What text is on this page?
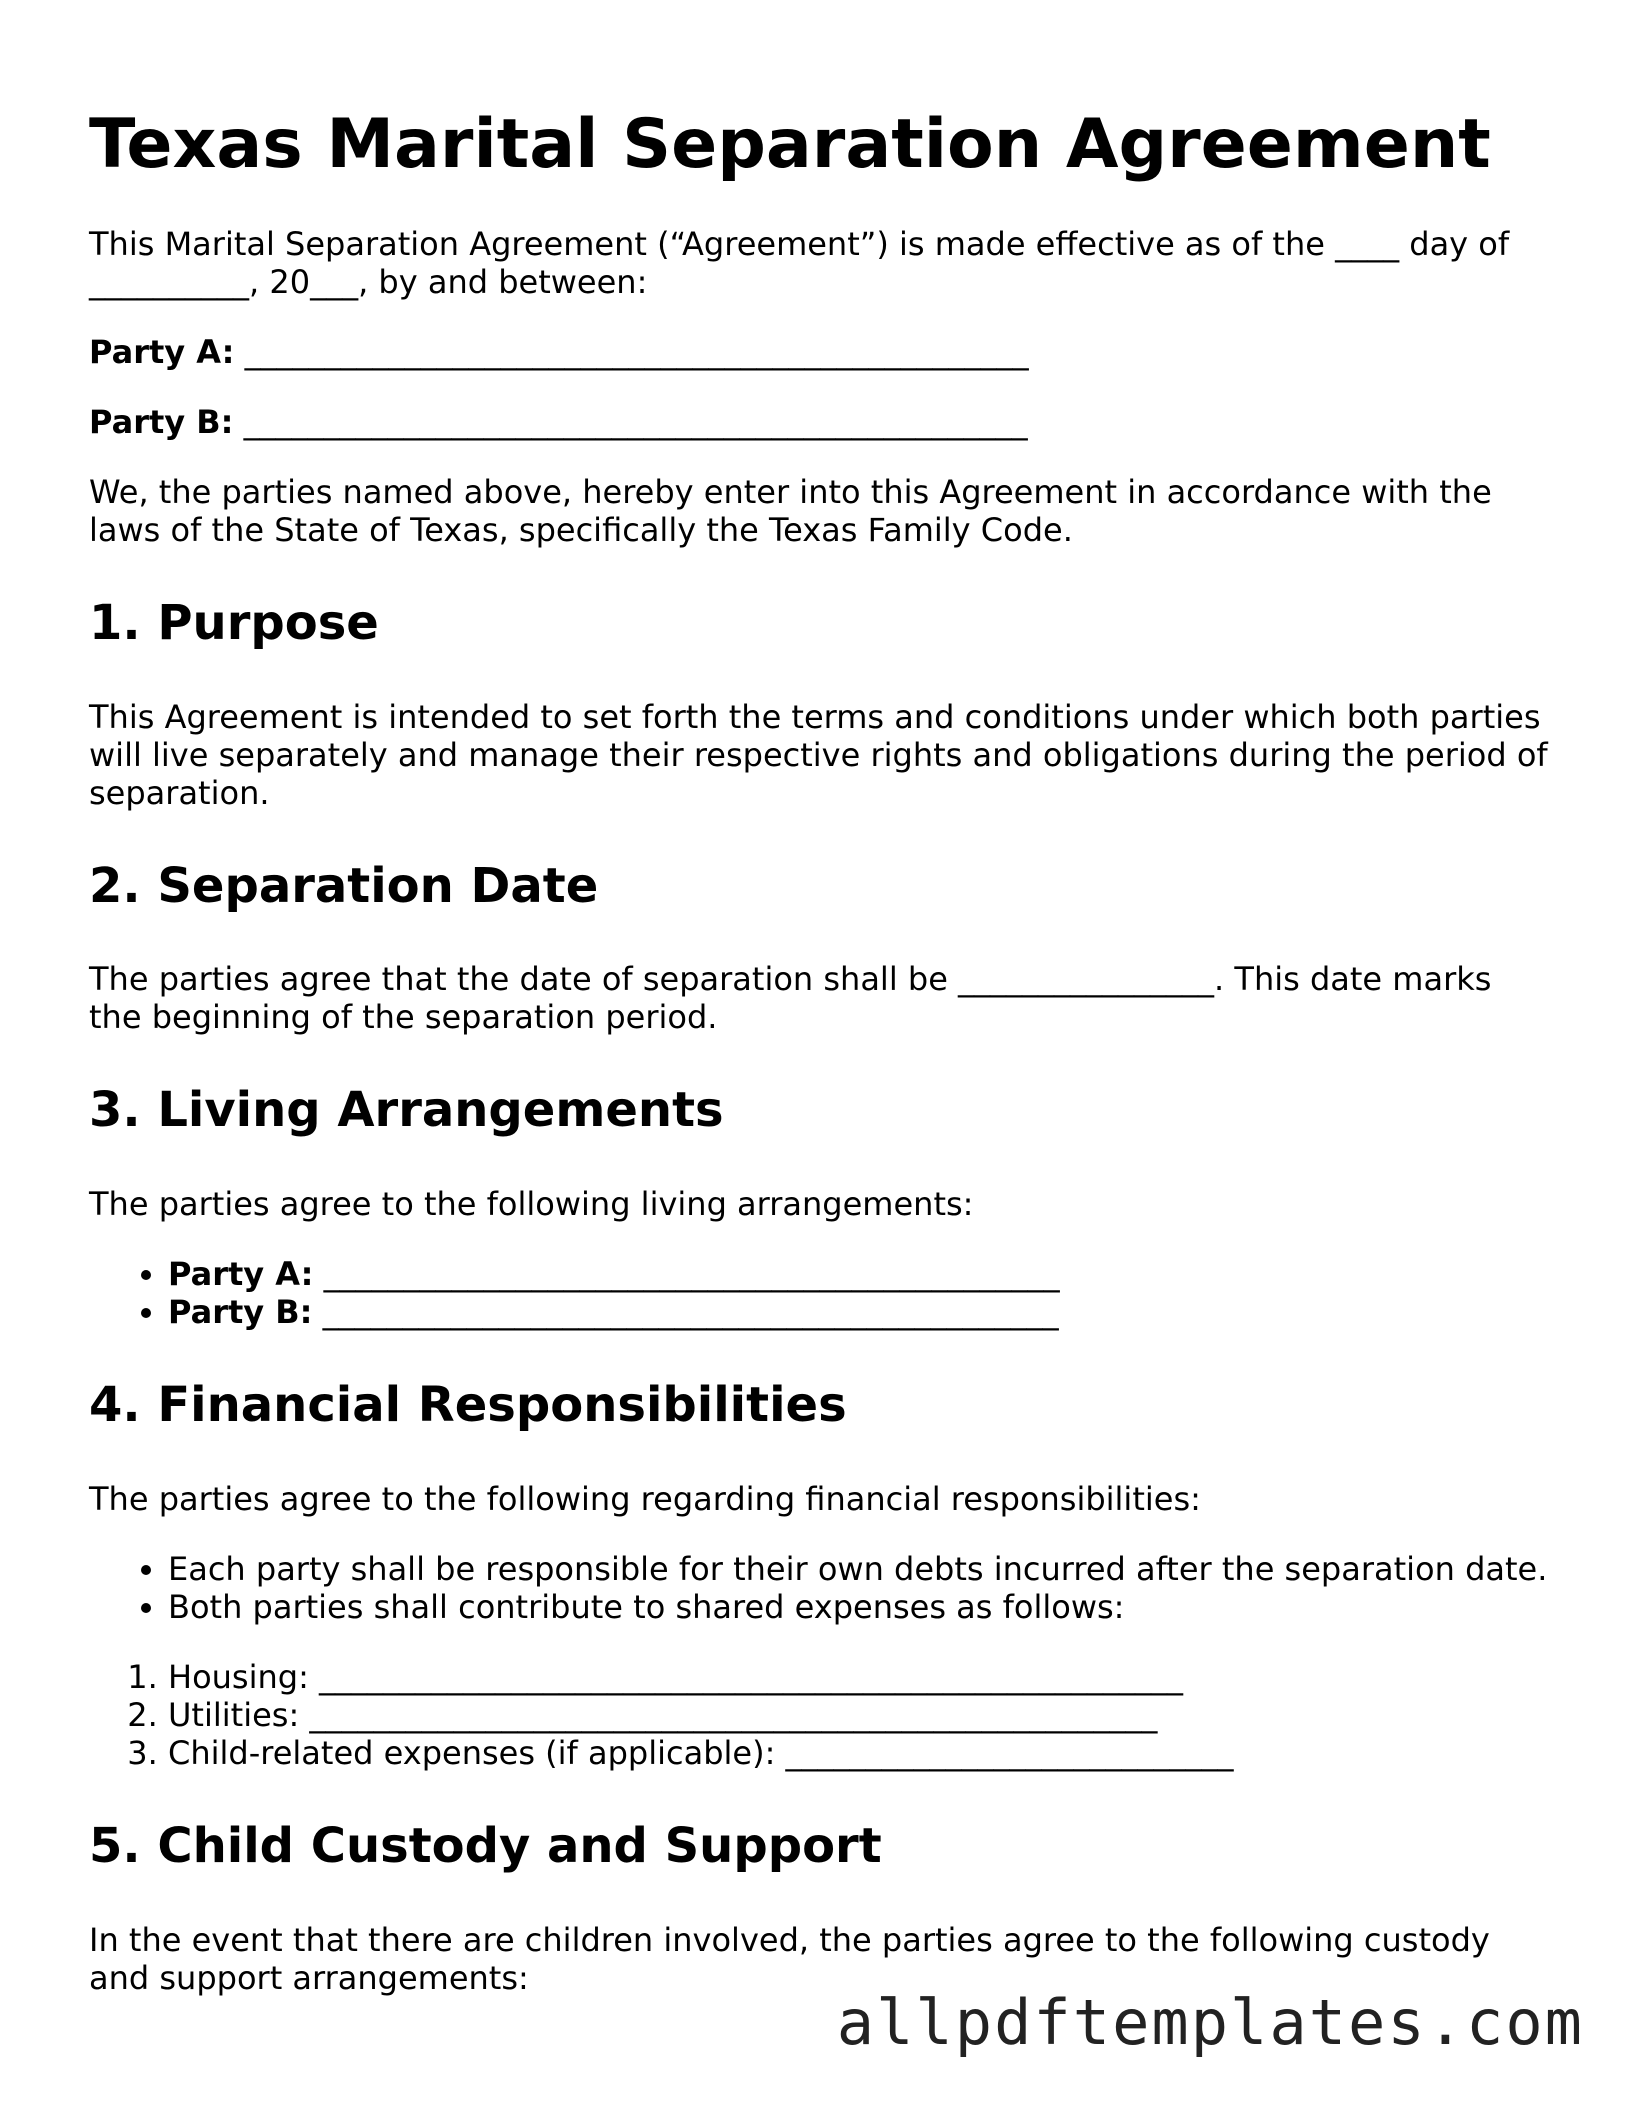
Texas Marital Separation Agreement

This Marital Separation Agreement (“Agreement”) is made effective as of the ____ day of __________, 20___, by and between:

Party A: _________________________________________________

Party B: _________________________________________________

We, the parties named above, hereby enter into this Agreement in accordance with the laws of the State of Texas, specifically the Texas Family Code.

1. Purpose

This Agreement is intended to set forth the terms and conditions under which both parties will live separately and manage their respective rights and obligations during the period of separation.

2. Separation Date

The parties agree that the date of separation shall be ________________. This date marks the beginning of the separation period.

3. Living Arrangements

The parties agree to the following living arrangements:

• Party A: ______________________________________________
• Party B: ______________________________________________
4. Financial Responsibilities

The parties agree to the following regarding financial responsibilities:

• Each party shall be responsible for their own debts incurred after the separation date.
• Both parties shall contribute to shared expenses as follows:
1. Housing: ______________________________________________________
2. Utilities: _____________________________________________________
3. Child-related expenses (if applicable): ____________________________
5. Child Custody and Support

In the event that there are children involved, the parties agree to the following custody and support arrangements:

allpdftemplates.com
